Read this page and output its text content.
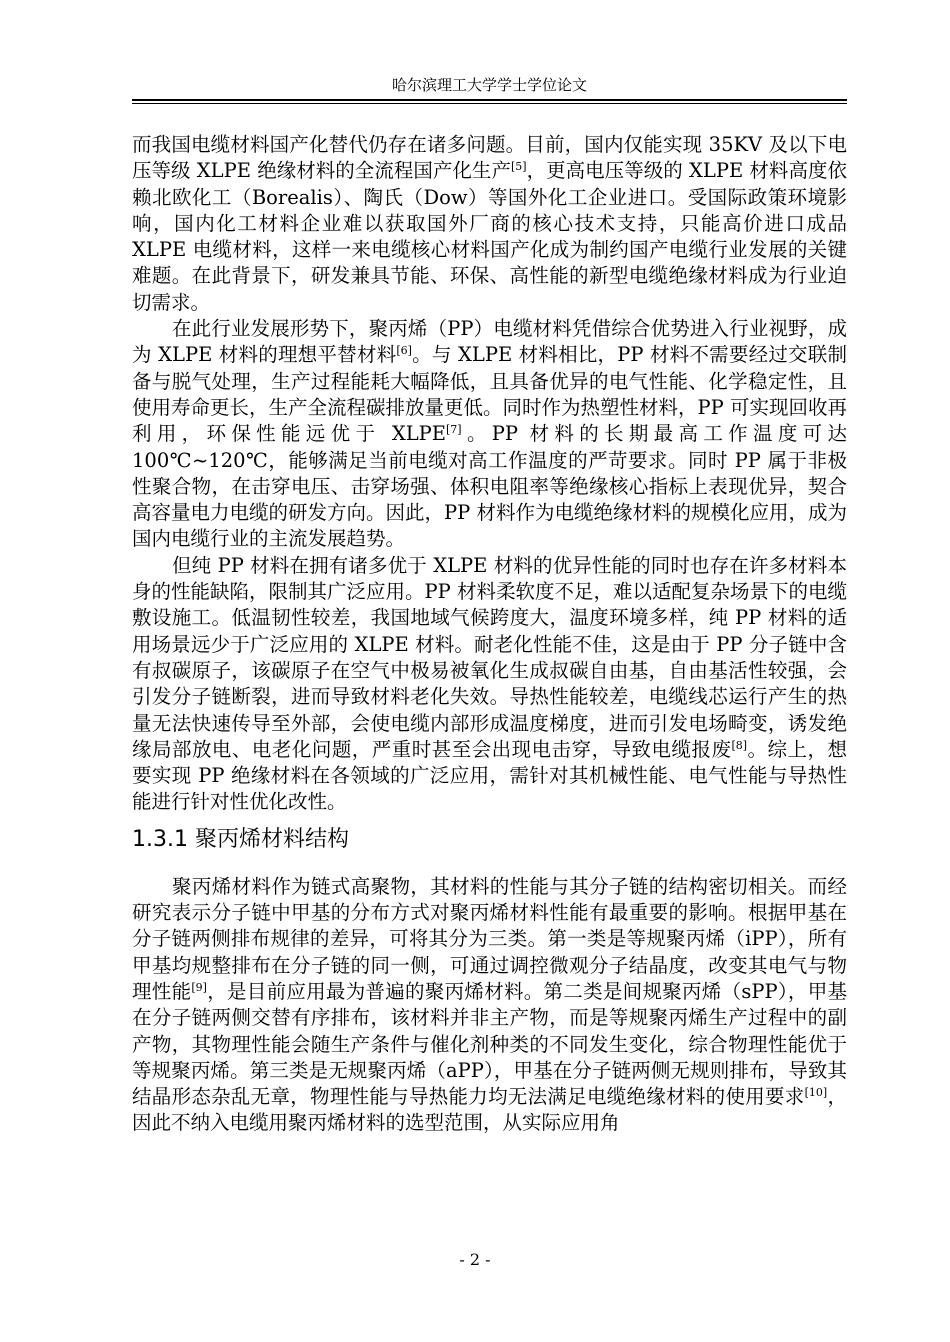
哈尔滨理工大学学士学位论文

而我国电缆材料国产化替代仍存在诸多问题。目前，国内仅能实现 35KV 及以下电压等级 XLPE 绝缘材料的全流程国产化生产[5]，更高电压等级的 XLPE 材料高度依赖北欧化工（Borealis）、陶氏（Dow）等国外化工企业进口。受国际政策环境影响，国内化工材料企业难以获取国外厂商的核心技术支持，只能高价进口成品 XLPE 电缆材料，这样一来电缆核心材料国产化成为制约国产电缆行业发展的关键难题。在此背景下，研发兼具节能、环保、高性能的新型电缆绝缘材料成为行业迫切需求。

在此行业发展形势下，聚丙烯（PP）电缆材料凭借综合优势进入行业视野，成为 XLPE 材料的理想平替材料[6]。与 XLPE 材料相比，PP 材料不需要经过交联制备与脱气处理，生产过程能耗大幅降低，且具备优异的电气性能、化学稳定性，且使用寿命更长，生产全流程碳排放量更低。同时作为热塑性材料，PP 可实现回收再利用，环保性能远优于 XLPE[7]。PP 材料的长期最高工作温度可达 100℃~120℃，能够满足当前电缆对高工作温度的严苛要求。同时 PP 属于非极性聚合物，在击穿电压、击穿场强、体积电阻率等绝缘核心指标上表现优异，契合高容量电力电缆的研发方向。因此，PP 材料作为电缆绝缘材料的规模化应用，成为国内电缆行业的主流发展趋势。

但纯 PP 材料在拥有诸多优于 XLPE 材料的优异性能的同时也存在许多材料本身的性能缺陷，限制其广泛应用。PP 材料柔软度不足，难以适配复杂场景下的电缆敷设施工。低温韧性较差，我国地域气候跨度大，温度环境多样，纯 PP 材料的适用场景远少于广泛应用的 XLPE 材料。耐老化性能不佳，这是由于 PP 分子链中含有叔碳原子，该碳原子在空气中极易被氧化生成叔碳自由基，自由基活性较强，会引发分子链断裂，进而导致材料老化失效。导热性能较差，电缆线芯运行产生的热量无法快速传导至外部，会使电缆内部形成温度梯度，进而引发电场畸变，诱发绝缘局部放电、电老化问题，严重时甚至会出现电击穿，导致电缆报废[8]。综上，想要实现 PP 绝缘材料在各领域的广泛应用，需针对其机械性能、电气性能与导热性能进行针对性优化改性。

1.3.1 聚丙烯材料结构

聚丙烯材料作为链式高聚物，其材料的性能与其分子链的结构密切相关。而经研究表示分子链中甲基的分布方式对聚丙烯材料性能有最重要的影响。根据甲基在分子链两侧排布规律的差异，可将其分为三类。第一类是等规聚丙烯（iPP），所有甲基均规整排布在分子链的同一侧，可通过调控微观分子结晶度，改变其电气与物理性能[9]，是目前应用最为普遍的聚丙烯材料。第二类是间规聚丙烯（sPP），甲基在分子链两侧交替有序排布，该材料并非主产物，而是等规聚丙烯生产过程中的副产物，其物理性能会随生产条件与催化剂种类的不同发生变化，综合物理性能优于等规聚丙烯。第三类是无规聚丙烯（aPP），甲基在分子链两侧无规则排布，导致其结晶形态杂乱无章，物理性能与导热能力均无法满足电缆绝缘材料的使用要求[10]，因此不纳入电缆用聚丙烯材料的选型范围，从实际应用角

- 2 -
